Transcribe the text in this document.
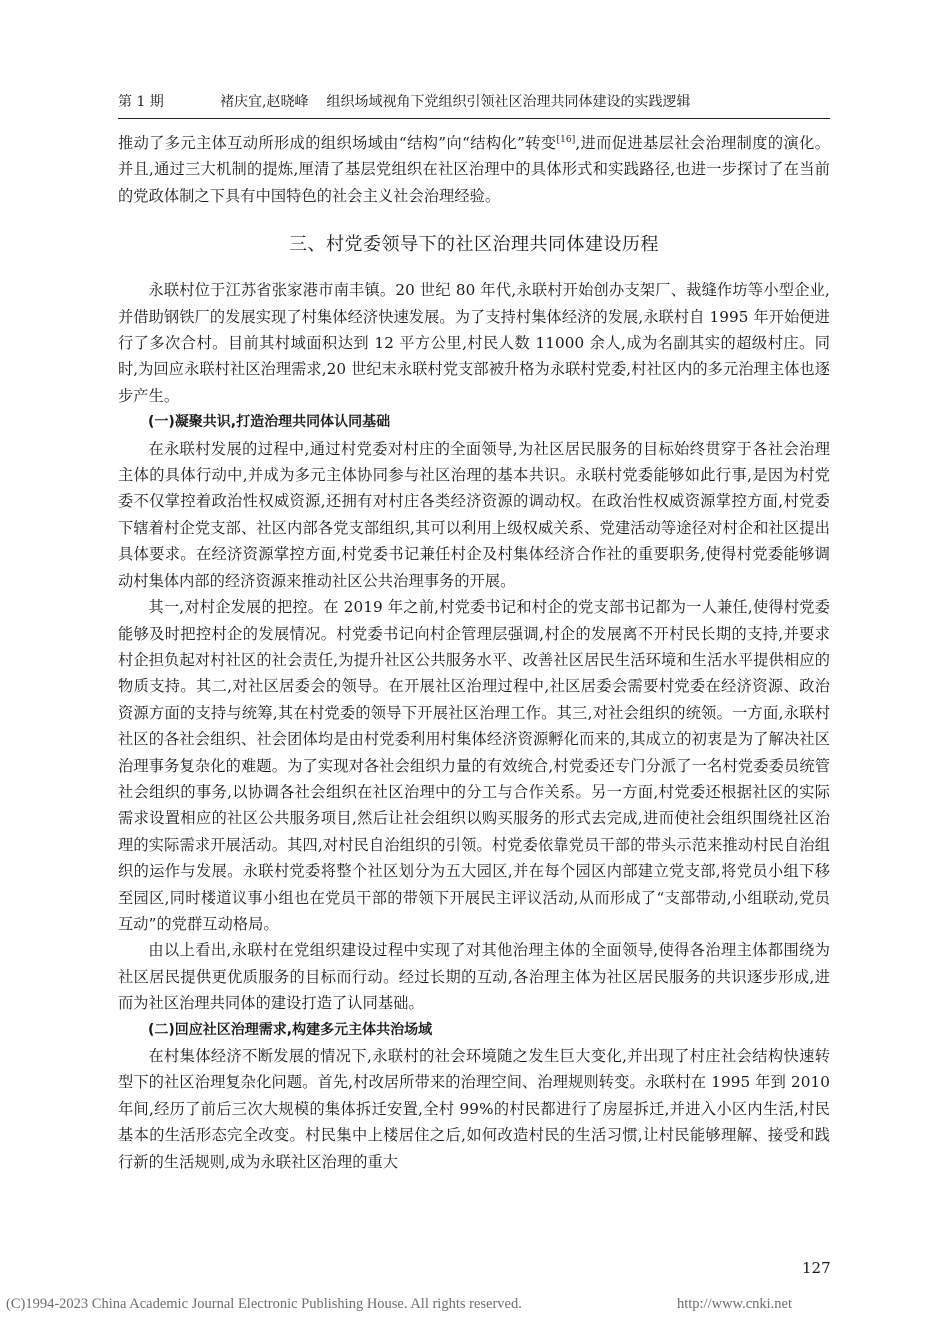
第 1 期	褚庆宜,赵晓峰 组织场域视角下党组织引领社区治理共同体建设的实践逻辑

推动了多元主体互动所形成的组织场域由“结构”向“结构化”转变[16],进而促进基层社会治理制度的演化。并且,通过三大机制的提炼,厘清了基层党组织在社区治理中的具体形式和实践路径,也进一步探讨了在当前的党政体制之下具有中国特色的社会主义社会治理经验。

三、村党委领导下的社区治理共同体建设历程

永联村位于江苏省张家港市南丰镇。20 世纪 80 年代,永联村开始创办支架厂、裁缝作坊等小型企业,并借助钢铁厂的发展实现了村集体经济快速发展。为了支持村集体经济的发展,永联村自 1995 年开始便进行了多次合村。目前其村域面积达到 12 平方公里,村民人数 11000 余人,成为名副其实的超级村庄。同时,为回应永联村社区治理需求,20 世纪末永联村党支部被升格为永联村党委,村社区内的多元治理主体也逐步产生。

(一)凝聚共识,打造治理共同体认同基础

在永联村发展的过程中,通过村党委对村庄的全面领导,为社区居民服务的目标始终贯穿于各社会治理主体的具体行动中,并成为多元主体协同参与社区治理的基本共识。永联村党委能够如此行事,是因为村党委不仅掌控着政治性权威资源,还拥有对村庄各类经济资源的调动权。在政治性权威资源掌控方面,村党委下辖着村企党支部、社区内部各党支部组织,其可以利用上级权威关系、党建活动等途径对村企和社区提出具体要求。在经济资源掌控方面,村党委书记兼任村企及村集体经济合作社的重要职务,使得村党委能够调动村集体内部的经济资源来推动社区公共治理事务的开展。

其一,对村企发展的把控。在 2019 年之前,村党委书记和村企的党支部书记都为一人兼任,使得村党委能够及时把控村企的发展情况。村党委书记向村企管理层强调,村企的发展离不开村民长期的支持,并要求村企担负起对村社区的社会责任,为提升社区公共服务水平、改善社区居民生活环境和生活水平提供相应的物质支持。其二,对社区居委会的领导。在开展社区治理过程中,社区居委会需要村党委在经济资源、政治资源方面的支持与统筹,其在村党委的领导下开展社区治理工作。其三,对社会组织的统领。一方面,永联村社区的各社会组织、社会团体均是由村党委利用村集体经济资源孵化而来的,其成立的初衷是为了解决社区治理事务复杂化的难题。为了实现对各社会组织力量的有效统合,村党委还专门分派了一名村党委委员统管社会组织的事务,以协调各社会组织在社区治理中的分工与合作关系。另一方面,村党委还根据社区的实际需求设置相应的社区公共服务项目,然后让社会组织以购买服务的形式去完成,进而使社会组织围绕社区治理的实际需求开展活动。其四,对村民自治组织的引领。村党委依靠党员干部的带头示范来推动村民自治组织的运作与发展。永联村党委将整个社区划分为五大园区,并在每个园区内部建立党支部,将党员小组下移至园区,同时楼道议事小组也在党员干部的带领下开展民主评议活动,从而形成了“支部带动,小组联动,党员互动”的党群互动格局。

由以上看出,永联村在党组织建设过程中实现了对其他治理主体的全面领导,使得各治理主体都围绕为社区居民提供更优质服务的目标而行动。经过长期的互动,各治理主体为社区居民服务的共识逐步形成,进而为社区治理共同体的建设打造了认同基础。

(二)回应社区治理需求,构建多元主体共治场域

在村集体经济不断发展的情况下,永联村的社会环境随之发生巨大变化,并出现了村庄社会结构快速转型下的社区治理复杂化问题。首先,村改居所带来的治理空间、治理规则转变。永联村在 1995 年到 2010 年间,经历了前后三次大规模的集体拆迁安置,全村 99%的村民都进行了房屋拆迁,并进入小区内生活,村民基本的生活形态完全改变。村民集中上楼居住之后,如何改造村民的生活习惯,让村民能够理解、接受和践行新的生活规则,成为永联社区治理的重大

127
(C)1994-2023 China Academic Journal Electronic Publishing House. All rights reserved.	http://www.cnki.net
